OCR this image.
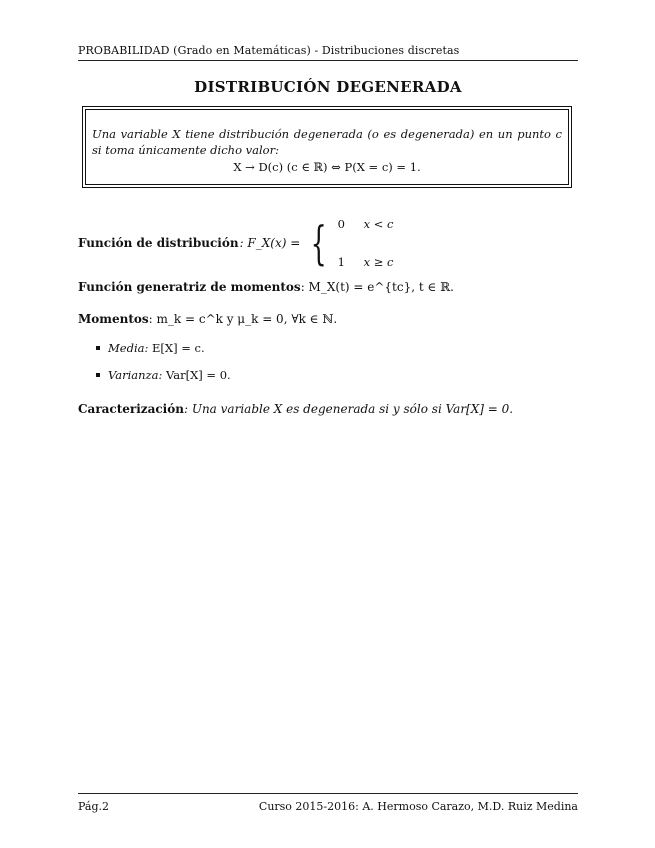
PROBABILIDAD (Grado en Matemáticas) - Distribuciones discretas
DISTRIBUCIÓN DEGENERADA
Una variable X tiene distribución degenerada (o es degenerada) en un punto c si toma únicamente dicho valor:
X → D(c) (c ∈ ℝ) ⇔ P(X = c) = 1.
Función de distribución : F_X(x) = { 0	x < c
1	x ≥ c
Función generatriz de momentos: M_X(t) = e^{tc}, t ∈ ℝ.
Momentos: m_k = c^k y μ_k = 0, ∀k ∈ ℕ.
Media:
E[X] = c.
Varianza:
Var[X] = 0.
Caracterización: Una variable X es degenerada si y sólo si Var[X] = 0.
Pág.2	Curso 2015-2016: A. Hermoso Carazo, M.D. Ruiz Medina
